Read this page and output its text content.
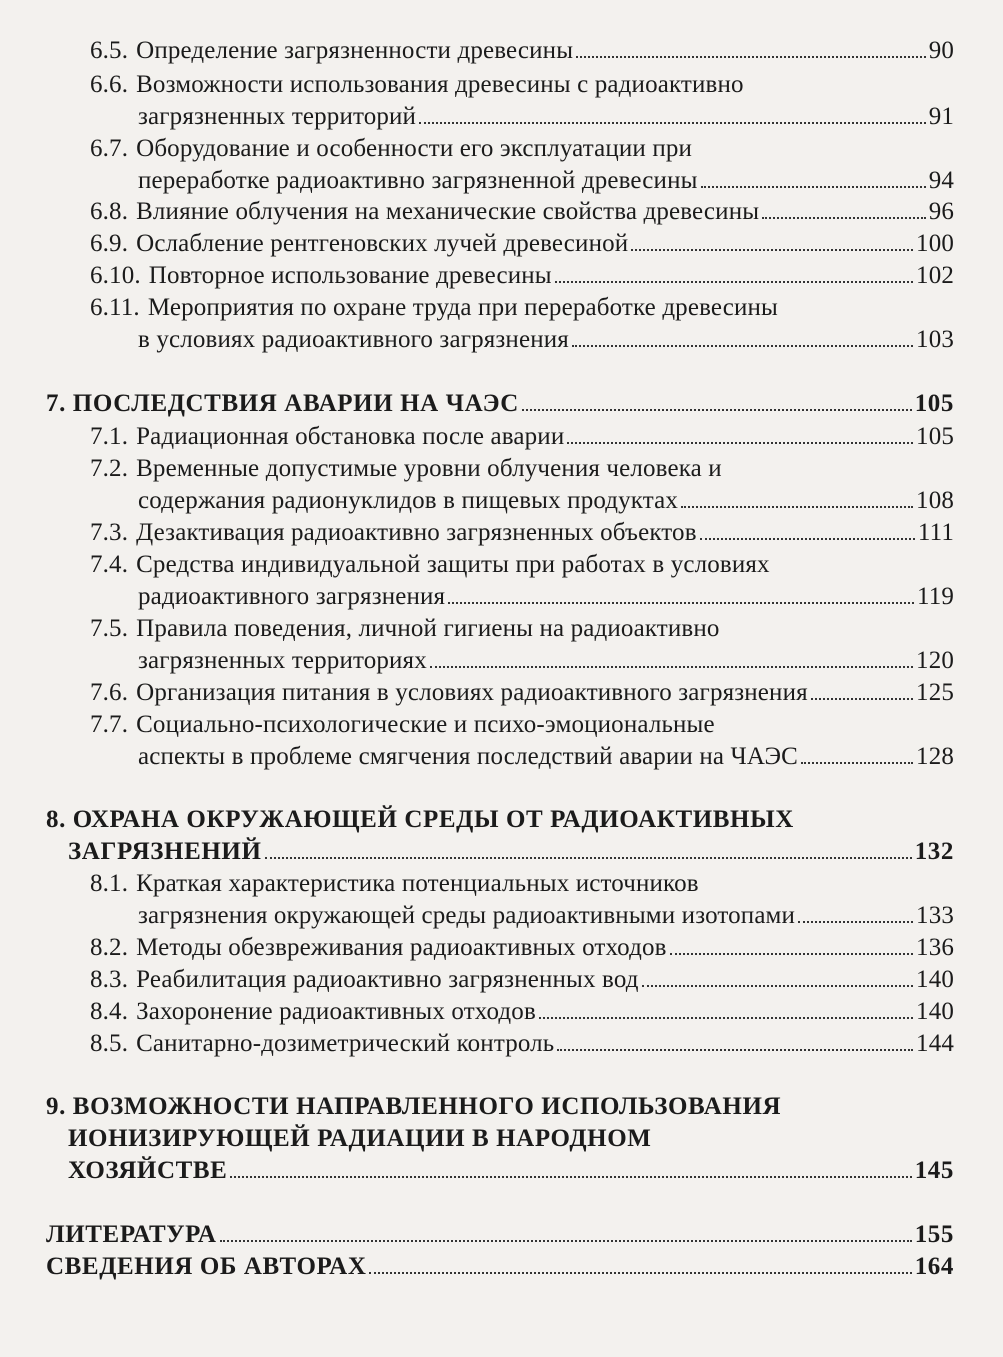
6.5. Определение загрязненности древесины	90
6.6. Возможности использования древесины с радиоактивно
загрязненных территорий	91
6.7. Оборудование и особенности его эксплуатации при
переработке радиоактивно загрязненной древесины	94
6.8. Влияние облучения на механические свойства древесины	96
6.9. Ослабление рентгеновских лучей древесиной	100
6.10. Повторное использование древесины	102
6.11. Мероприятия по охране труда при переработке древесины
в условиях радиоактивного загрязнения	103
7. ПОСЛЕДСТВИЯ АВАРИИ НА ЧАЭС	105
7.1. Радиационная обстановка после аварии	105
7.2. Временные допустимые уровни облучения человека и
содержания радионуклидов в пищевых продуктах	108
7.3. Дезактивация радиоактивно загрязненных объектов	111
7.4. Средства индивидуальной защиты при работах в условиях
радиоактивного загрязнения	119
7.5. Правила поведения, личной гигиены на радиоактивно
загрязненных территориях	120
7.6. Организация питания в условиях радиоактивного загрязнения	125
7.7. Социально-психологические и психо-эмоциональные
аспекты в проблеме смягчения последствий аварии на ЧАЭС	128
8. ОХРАНА ОКРУЖАЮЩЕЙ СРЕДЫ ОТ РАДИОАКТИВНЫХ
ЗАГРЯЗНЕНИЙ	132
8.1. Краткая характеристика потенциальных источников
загрязнения окружающей среды радиоактивными изотопами	133
8.2. Методы обезвреживания радиоактивных отходов	136
8.3. Реабилитация радиоактивно загрязненных вод	140
8.4. Захоронение радиоактивных отходов	140
8.5. Санитарно-дозиметрический контроль	144
9. ВОЗМОЖНОСТИ НАПРАВЛЕННОГО ИСПОЛЬЗОВАНИЯ
ИОНИЗИРУЮЩЕЙ РАДИАЦИИ В НАРОДНОМ
ХОЗЯЙСТВЕ	145
ЛИТЕРАТУРА	155
СВЕДЕНИЯ ОБ АВТОРАХ	164
